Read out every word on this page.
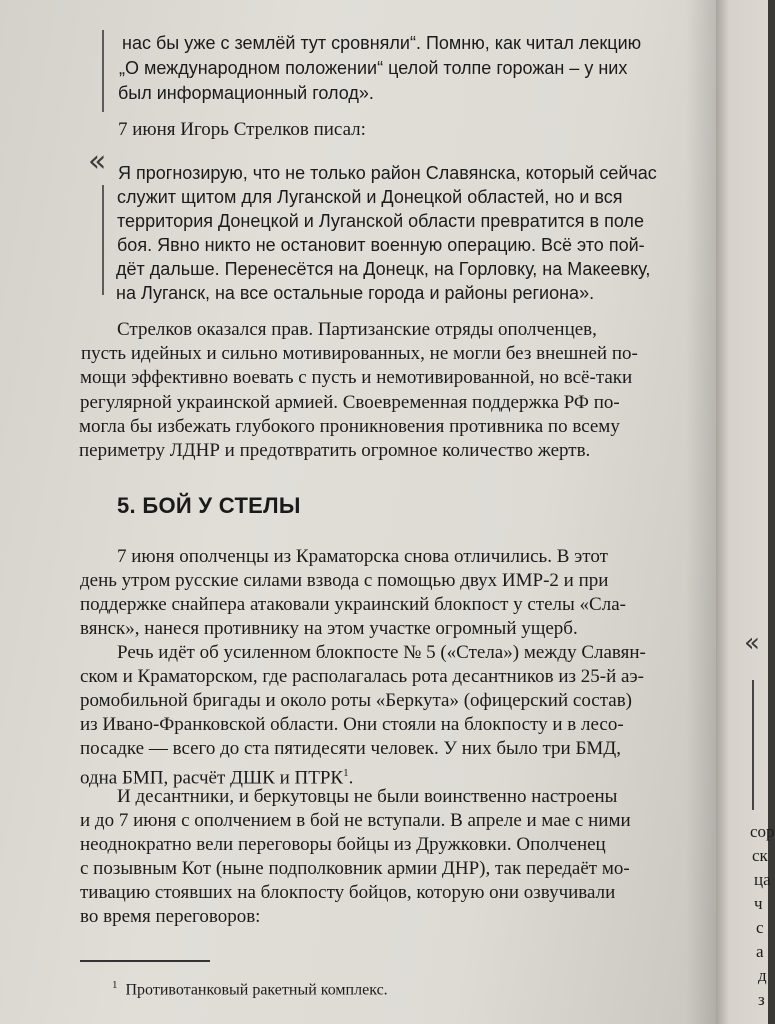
нас бы уже с землёй тут сровняли“. Помню, как читал лекцию
„О международном положении“ целой толпе горожан – у них
был информационный голод».
7 июня Игорь Стрелков писал:
« Я прогнозирую, что не только район Славянска, который сейчас
служит щитом для Луганской и Донецкой областей, но и вся
территория Донецкой и Луганской области превратится в поле
боя. Явно никто не остановит военную операцию. Всё это пой-
дёт дальше. Перенесётся на Донецк, на Горловку, на Макеевку,
на Луганск, на все остальные города и районы региона».
Стрелков оказался прав. Партизанские отряды ополченцев,
пусть идейных и сильно мотивированных, не могли без внешней по-
мощи эффективно воевать с пусть и немотивированной, но всё-таки
регулярной украинской армией. Своевременная поддержка РФ по-
могла бы избежать глубокого проникновения противника по всему
периметру ЛДНР и предотвратить огромное количество жертв.
5. БОЙ У СТЕЛЫ
7 июня ополченцы из Краматорска снова отличились. В этот
день утром русские силами взвода с помощью двух ИМР-2 и при
поддержке снайпера атаковали украинский блокпост у стелы «Сла-
вянск», нанеся противнику на этом участке огромный ущерб.
Речь идёт об усиленном блокпосте № 5 («Стела») между Славян-
ском и Краматорском, где располагалась рота десантников из 25-й аэ-
ромобильной бригады и около роты «Беркута» (офицерский состав)
из Ивано-Франковской области. Они стояли на блокпосту и в лесо-
посадке — всего до ста пятидесяти человек. У них было три БМД,
одна БМП, расчёт ДШК и ПТРК$^1$.
И десантники, и беркутовцы не были воинственно настроены
и до 7 июня с ополчением в бой не вступали. В апреле и мае с ними
неоднократно вели переговоры бойцы из Дружковки. Ополченец
с позывным Кот (ныне подполковник армии ДНР), так передаёт мо-
тивацию стоявших на блокпосту бойцов, которую они озвучивали
во время переговоров:
$^1$ Противотанковый ракетный комплекс.
«
сор
ск
ца
ч
с
а
д
з
